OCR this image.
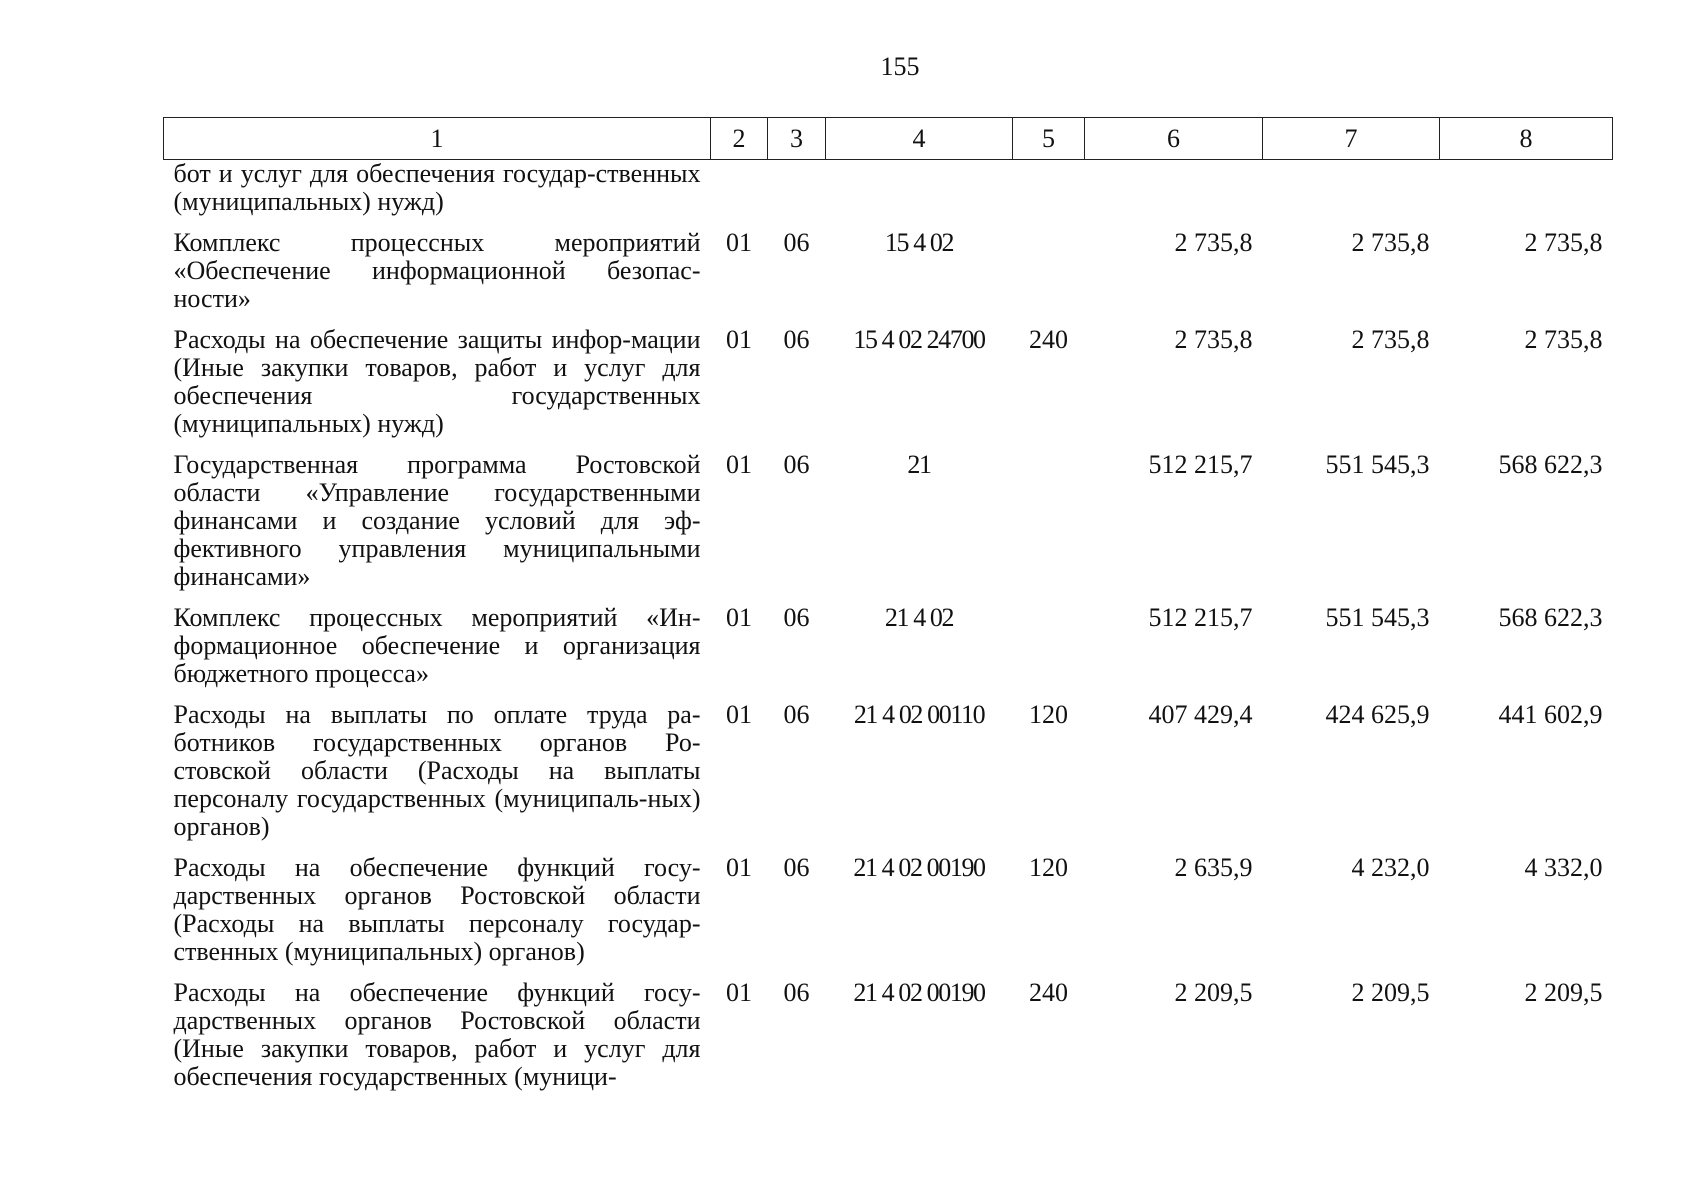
155
1	2	3	4	5	6	7	8
бот и услуг для обеспечения государ-ственных (муниципальных) нужд)							
Комплекс процессных мероприятий «Обеспечение информационной безопас-ности»	01	06	15 4 02		2 735,8	2 735,8	2 735,8
Расходы на обеспечение защиты инфор-мации (Иные закупки товаров, работ и услуг для обеспечения государственных (муниципальных) нужд)	01	06	15 4 02 24700	240	2 735,8	2 735,8	2 735,8
Государственная программа Ростовской области «Управление государственными финансами и создание условий для эф-фективного управления муниципальными финансами»	01	06	21		512 215,7	551 545,3	568 622,3
Комплекс процессных мероприятий «Ин-формационное обеспечение и организация бюджетного процесса»	01	06	21 4 02		512 215,7	551 545,3	568 622,3
Расходы на выплаты по оплате труда ра-ботников государственных органов Ро-стовской области (Расходы на выплаты персоналу государственных (муниципаль-ных) органов)	01	06	21 4 02 00110	120	407 429,4	424 625,9	441 602,9
Расходы на обеспечение функций госу-дарственных органов Ростовской области (Расходы на выплаты персоналу государ-ственных (муниципальных) органов)	01	06	21 4 02 00190	120	2 635,9	4 232,0	4 332,0
Расходы на обеспечение функций госу-дарственных органов Ростовской области (Иные закупки товаров, работ и услуг для обеспечения государственных (муници-	01	06	21 4 02 00190	240	2 209,5	2 209,5	2 209,5
